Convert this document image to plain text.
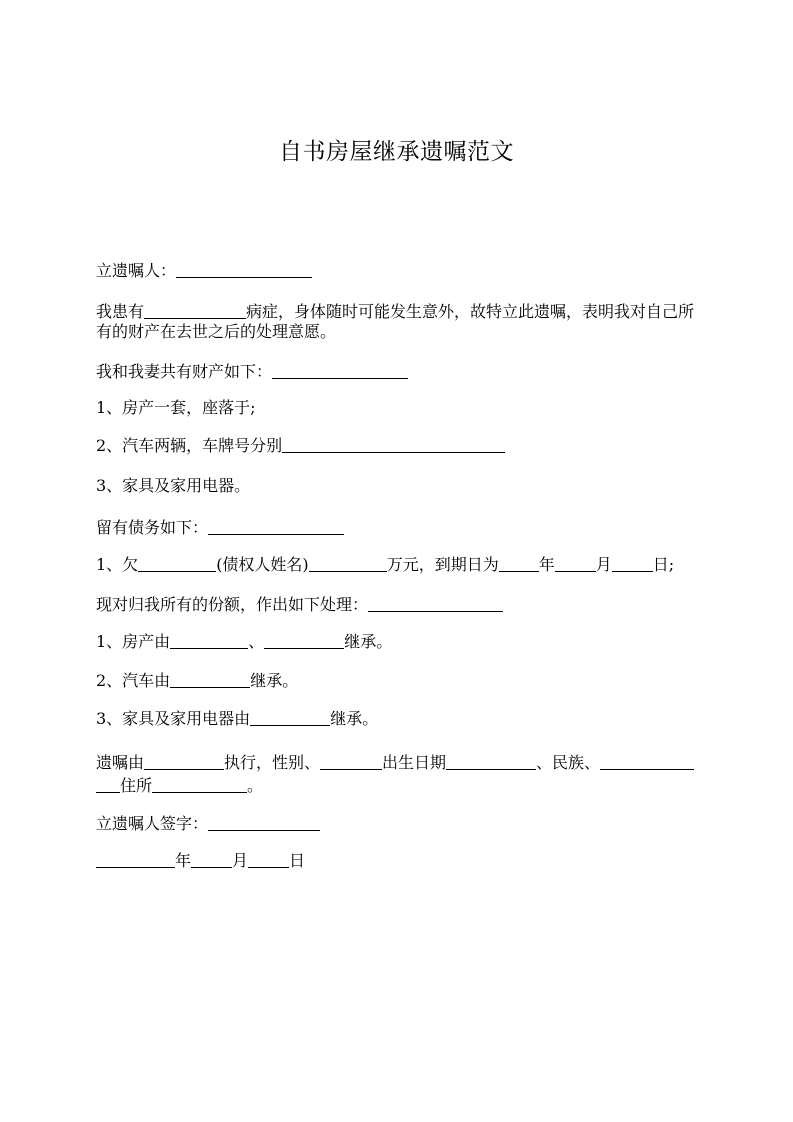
自书房屋继承遗嘱范文
立遗嘱人：
我患有	病症，身体随时可能发生意外，故特立此遗嘱，表明我对自己所有的财产在去世之后的处理意愿。
我和我妻共有财产如下：
1、房产一套，座落于;
2、汽车两辆，车牌号分别
3、家具及家用电器。
留有债务如下：
1、欠	(债权人姓名)	万元，到期日为	年	月	日;
现对归我所有的份额，作出如下处理：
1、房产由	、	继承。
2、汽车由	继承。
3、家具及家用电器由	继承。
遗嘱由	执行，性别、	出生日期	、民族、
住所	。
立遗嘱人签字：
年	月	日
